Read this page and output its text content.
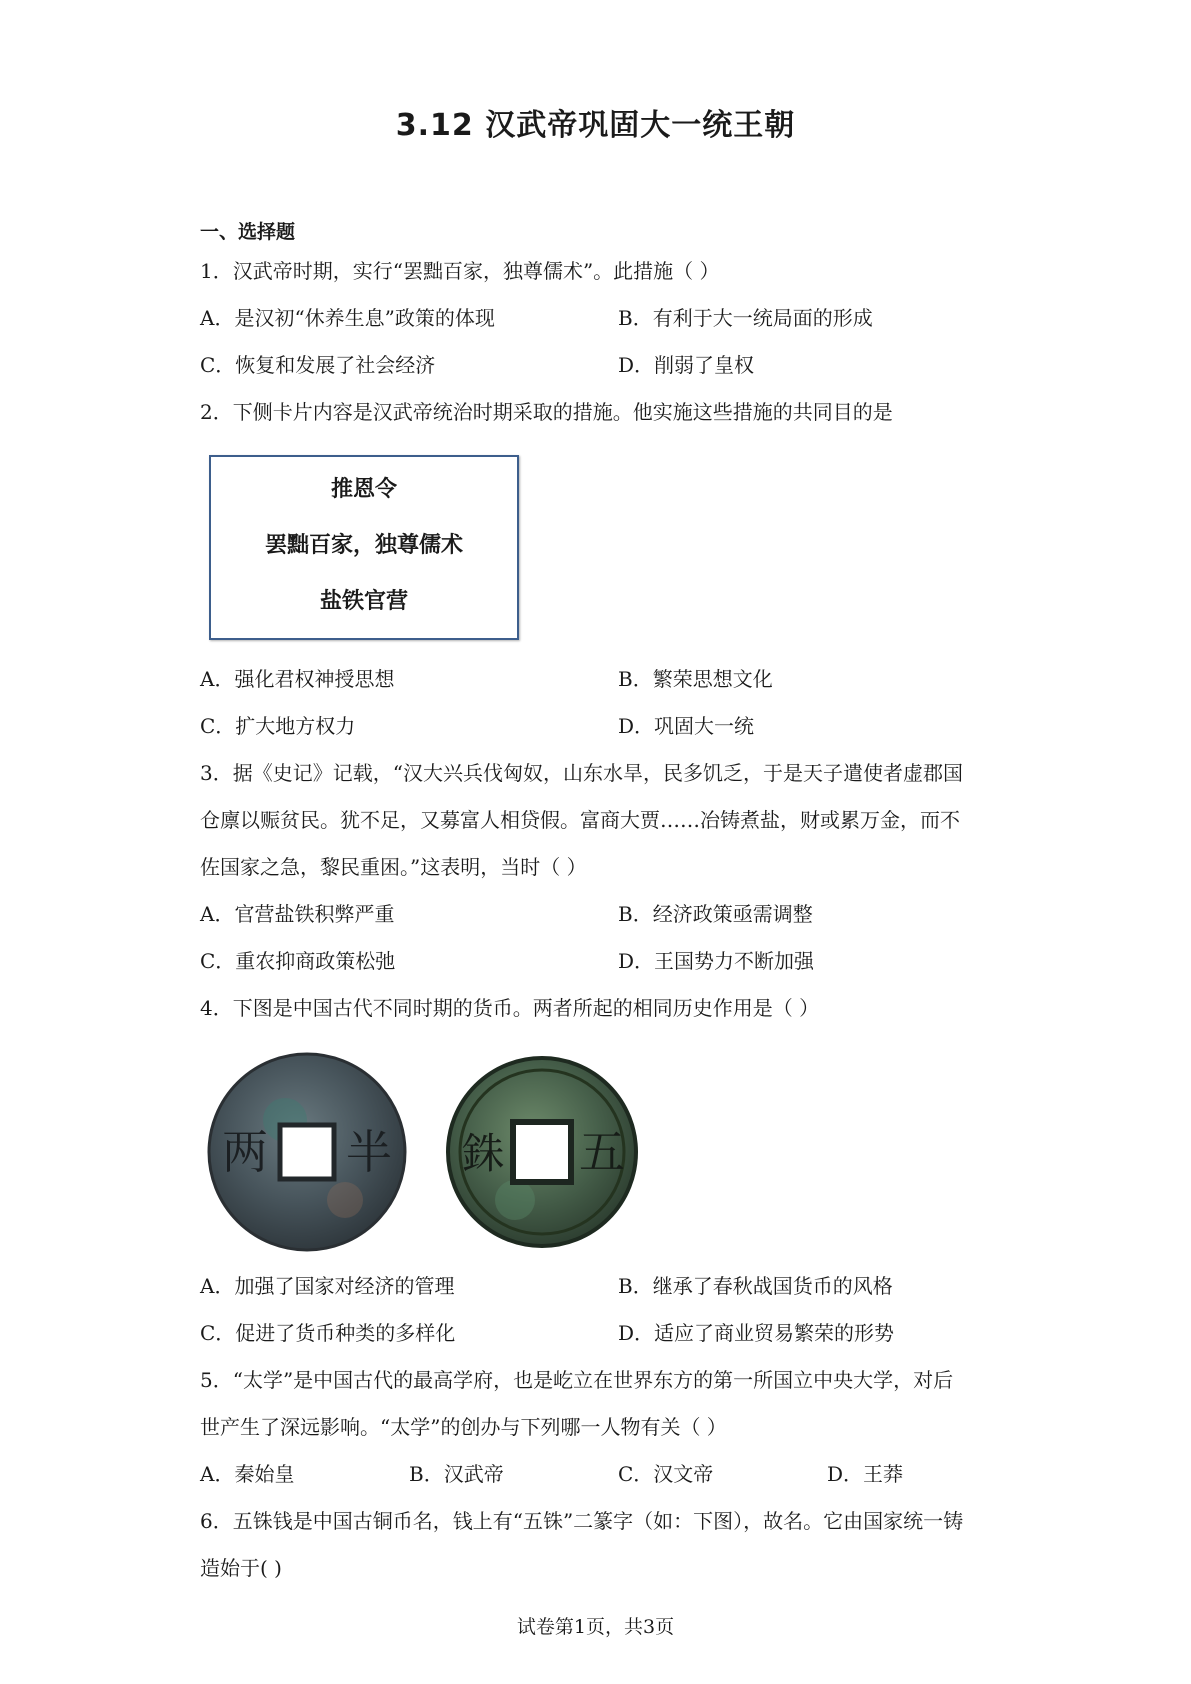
3.12 汉武帝巩固大一统王朝
一、选择题
1．汉武帝时期，实行“罢黜百家，独尊儒术”。此措施（ ）
A．是汉初“休养生息”政策的体现	B．有利于大一统局面的形成
C．恢复和发展了社会经济	D．削弱了皇权
2．下侧卡片内容是汉武帝统治时期采取的措施。他实施这些措施的共同目的是
推恩令
罢黜百家，独尊儒术
盐铁官营
A．强化君权神授思想	B．繁荣思想文化
C．扩大地方权力	D．巩固大一统
3．据《史记》记载，“汉大兴兵伐匈奴，山东水旱，民多饥乏，于是天子遣使者虚郡国
仓廪以赈贫民。犹不足，又募富人相贷假。富商大贾……冶铸煮盐，财或累万金，而不
佐国家之急，黎民重困。”这表明，当时（ ）
A．官营盐铁积弊严重	B．经济政策亟需调整
C．重农抑商政策松弛	D．王国势力不断加强
4．下图是中国古代不同时期的货币。两者所起的相同历史作用是（ ）
两 半 銖 五
A．加强了国家对经济的管理	B．继承了春秋战国货币的风格
C．促进了货币种类的多样化	D．适应了商业贸易繁荣的形势
5．“太学”是中国古代的最高学府，也是屹立在世界东方的第一所国立中央大学，对后
世产生了深远影响。“太学”的创办与下列哪一人物有关（ ）
A．秦始皇	B．汉武帝	C．汉文帝	D．王莽
6．五铢钱是中国古铜币名，钱上有“五铢”二篆字（如：下图），故名。它由国家统一铸
造始于( )
试卷第1页，共3页
